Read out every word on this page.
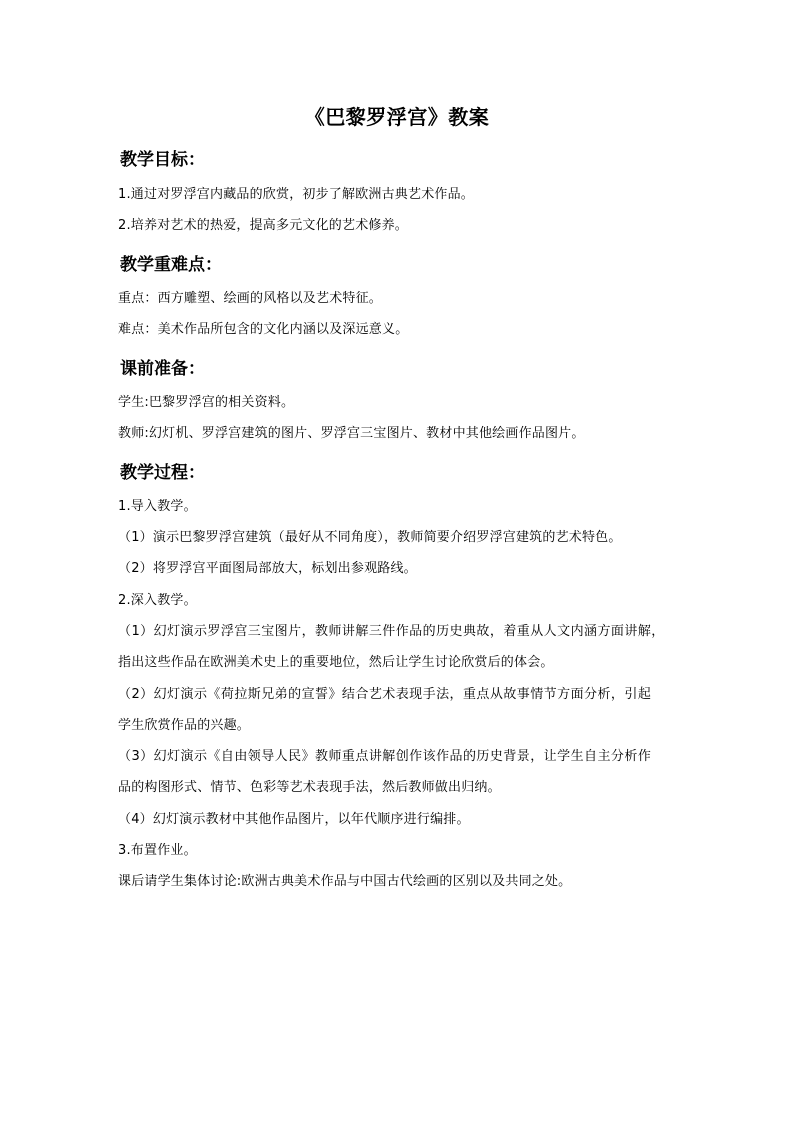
《巴黎罗浮宫》教案
教学目标：
1.通过对罗浮宫内藏品的欣赏，初步了解欧洲古典艺术作品。
2.培养对艺术的热爱，提高多元文化的艺术修养。
教学重难点：
重点：西方雕塑、绘画的风格以及艺术特征。
难点：美术作品所包含的文化内涵以及深远意义。
课前准备：
学生:巴黎罗浮宫的相关资料。
教师:幻灯机、罗浮宫建筑的图片、罗浮宫三宝图片、教材中其他绘画作品图片。
教学过程：
1.导入教学。
（1）演示巴黎罗浮宫建筑（最好从不同角度），教师简要介绍罗浮宫建筑的艺术特色。
（2）将罗浮宫平面图局部放大，标划出参观路线。
2.深入教学。
（1）幻灯演示罗浮宫三宝图片，教师讲解三件作品的历史典故，着重从人文内涵方面讲解，
指出这些作品在欧洲美术史上的重要地位，然后让学生讨论欣赏后的体会。
（2）幻灯演示《荷拉斯兄弟的宣誓》结合艺术表现手法，重点从故事情节方面分析，引起
学生欣赏作品的兴趣。
（3）幻灯演示《自由领导人民》教师重点讲解创作该作品的历史背景，让学生自主分析作
品的构图形式、情节、色彩等艺术表现手法，然后教师做出归纳。
（4）幻灯演示教材中其他作品图片，以年代顺序进行编排。
3.布置作业。
课后请学生集体讨论:欧洲古典美术作品与中国古代绘画的区别以及共同之处。
